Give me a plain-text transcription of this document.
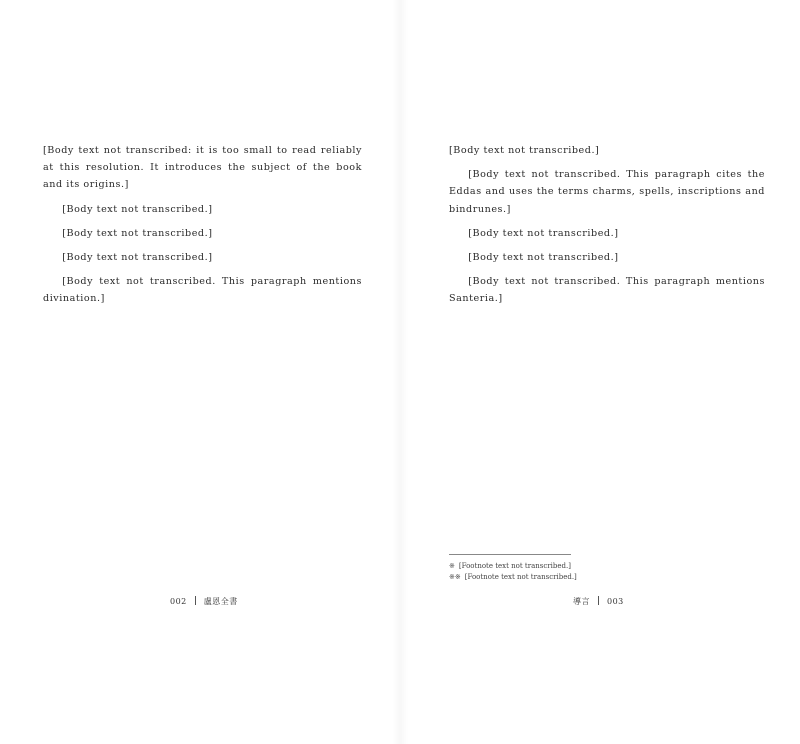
[Body text not transcribed: it is too small to read reliably at this resolution. It introduces the subject of the book and its origins.]

[Body text not transcribed.]

[Body text not transcribed.]

[Body text not transcribed.]

[Body text not transcribed. This paragraph mentions divination.]

002 盧恩全書

[Body text not transcribed.]

[Body text not transcribed. This paragraph cites the Eddas and uses the terms charms, spells, inscriptions and bindrunes.]

[Body text not transcribed.]

[Body text not transcribed.]

[Body text not transcribed. This paragraph mentions Santeria.]

※ [Footnote text not transcribed.]

※※ [Footnote text not transcribed.]

導言 003
